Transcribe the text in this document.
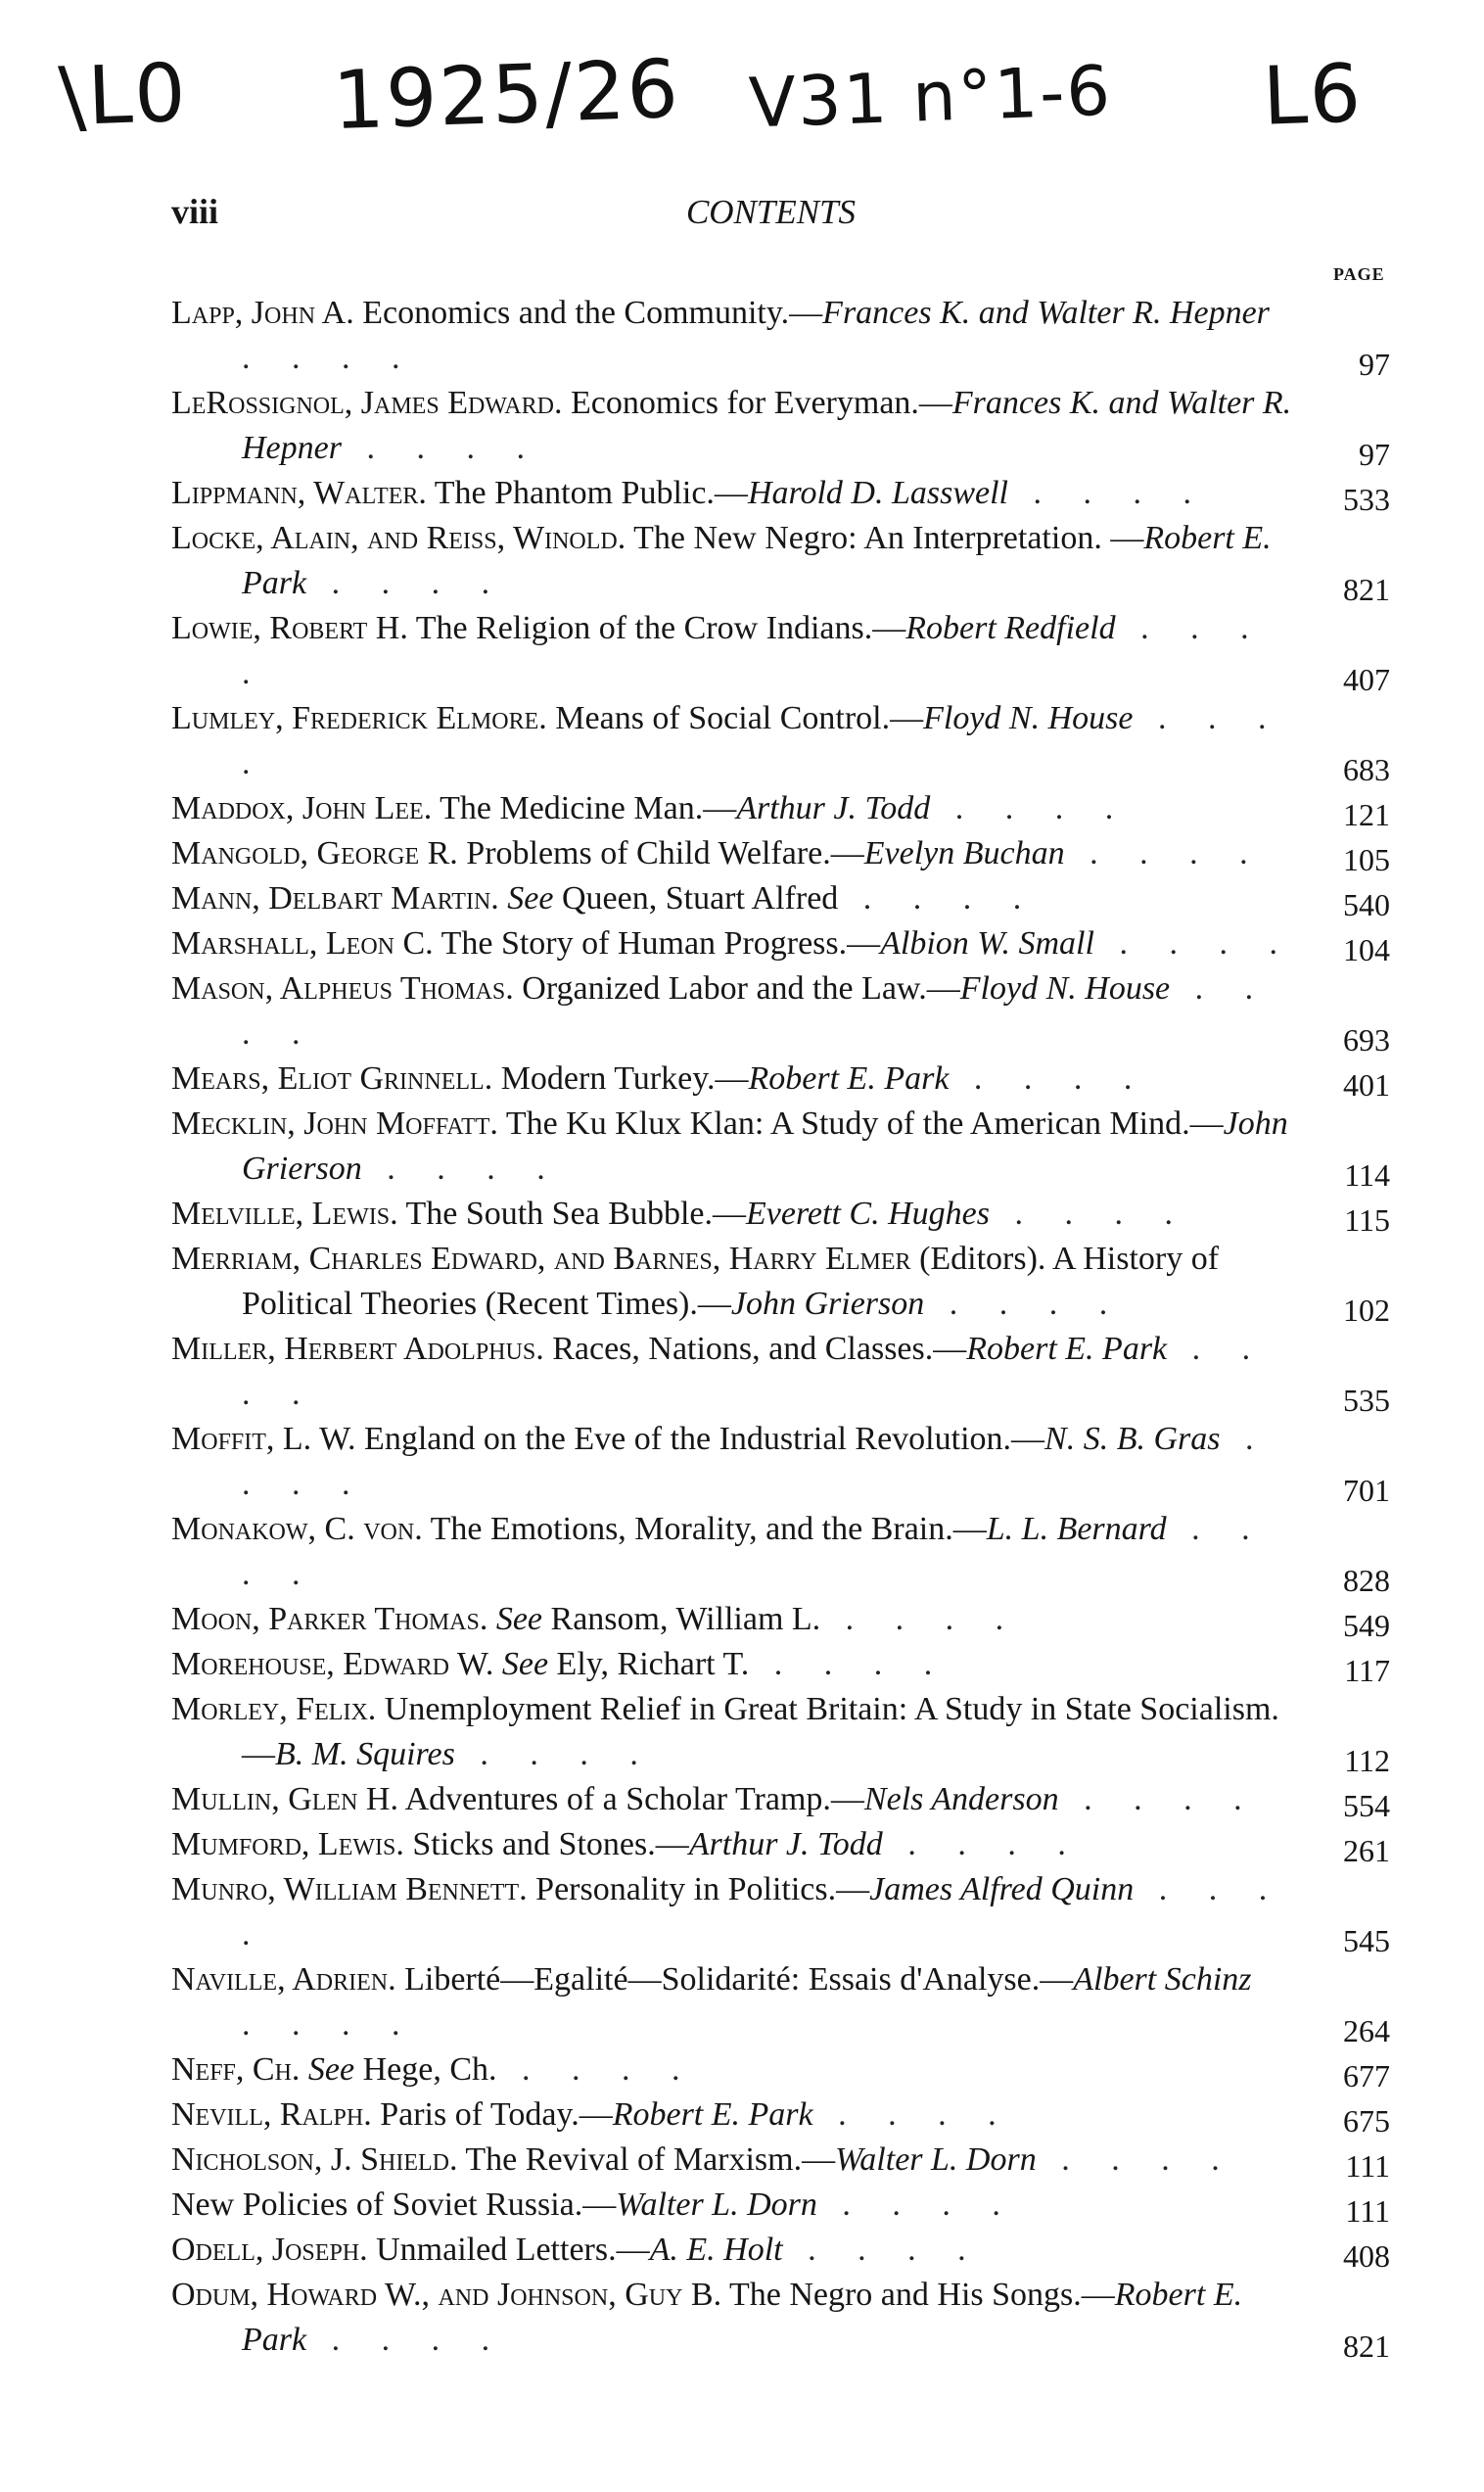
\L0 1925/26 V31 n°1-6 L6
viii	CONTENTS
PAGE
Lapp, John A. Economics and the Community.—Frances K. and Walter R. Hepner . . . .	97
LeRossignol, James Edward. Economics for Everyman.—Frances K. and Walter R. Hepner . . . .	97
Lippmann, Walter. The Phantom Public.—Harold D. Lasswell . . . .	533
Locke, Alain, and Reiss, Winold. The New Negro: An Interpretation. —Robert E. Park . . . .	821
Lowie, Robert H. The Religion of the Crow Indians.—Robert Redfield . . . .	407
Lumley, Frederick Elmore. Means of Social Control.—Floyd N. House . . . .	683
Maddox, John Lee. The Medicine Man.—Arthur J. Todd . . . .	121
Mangold, George R. Problems of Child Welfare.—Evelyn Buchan . . . .	105
Mann, Delbart Martin. See Queen, Stuart Alfred . . . .	540
Marshall, Leon C. The Story of Human Progress.—Albion W. Small . . . .	104
Mason, Alpheus Thomas. Organized Labor and the Law.—Floyd N. House . . . .	693
Mears, Eliot Grinnell. Modern Turkey.—Robert E. Park . . . .	401
Mecklin, John Moffatt. The Ku Klux Klan: A Study of the American Mind.—John Grierson . . . .	114
Melville, Lewis. The South Sea Bubble.—Everett C. Hughes . . . .	115
Merriam, Charles Edward, and Barnes, Harry Elmer (Editors). A History of Political Theories (Recent Times).—John Grierson . . . .	102
Miller, Herbert Adolphus. Races, Nations, and Classes.—Robert E. Park . . . .	535
Moffit, L. W. England on the Eve of the Industrial Revolution.—N. S. B. Gras . . . .	701
Monakow, C. von. The Emotions, Morality, and the Brain.—L. L. Bernard . . . .	828
Moon, Parker Thomas. See Ransom, William L. . . . .	549
Morehouse, Edward W. See Ely, Richart T. . . . .	117
Morley, Felix. Unemployment Relief in Great Britain: A Study in State Socialism.—B. M. Squires . . . .	112
Mullin, Glen H. Adventures of a Scholar Tramp.—Nels Anderson . . . .	554
Mumford, Lewis. Sticks and Stones.—Arthur J. Todd . . . .	261
Munro, William Bennett. Personality in Politics.—James Alfred Quinn . . . .	545
Naville, Adrien. Liberté—Egalité—Solidarité: Essais d'Analyse.—Albert Schinz . . . .	264
Neff, Ch. See Hege, Ch. . . . .	677
Nevill, Ralph. Paris of Today.—Robert E. Park . . . .	675
Nicholson, J. Shield. The Revival of Marxism.—Walter L. Dorn . . . .	111
New Policies of Soviet Russia.—Walter L. Dorn . . . .	111
Odell, Joseph. Unmailed Letters.—A. E. Holt . . . .	408
Odum, Howard W., and Johnson, Guy B. The Negro and His Songs.—Robert E. Park . . . .	821
